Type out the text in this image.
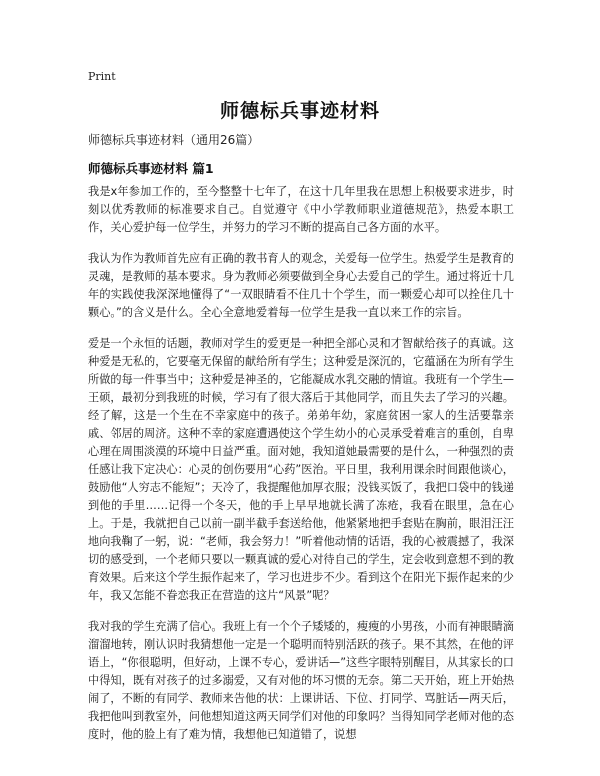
Print
师德标兵事迹材料
师德标兵事迹材料（通用26篇）
师德标兵事迹材料 篇1

我是x年参加工作的，至今整整十七年了，在这十几年里我在思想上积极要求进步，时刻以优秀教师的标准要求自己。自觉遵守《中小学教师职业道德规范》，热爱本职工作，关心爱护每一位学生，并努力的学习不断的提高自己各方面的水平。

我认为作为教师首先应有正确的教书育人的观念，关爱每一位学生。热爱学生是教育的灵魂，是教师的基本要求。身为教师必须要做到全身心去爱自己的学生。通过将近十几年的实践使我深深地懂得了“一双眼睛看不住几十个学生，而一颗爱心却可以拴住几十颗心。”的含义是什么。全心全意地爱着每一位学生是我一直以来工作的宗旨。

爱是一个永恒的话题，教师对学生的爱更是一种把全部心灵和才智献给孩子的真诚。这种爱是无私的，它要毫无保留的献给所有学生；这种爱是深沉的，它蕴涵在为所有学生所做的每一件事当中；这种爱是神圣的，它能凝成水乳交融的情谊。我班有一个学生—王硕，最初分到我班的时候，学习有了很大落后于其他同学，而且失去了学习的兴趣。经了解，这是一个生在不幸家庭中的孩子。弟弟年幼，家庭贫困一家人的生活要靠亲戚、邻居的周济。这种不幸的家庭遭遇使这个学生幼小的心灵承受着难言的重创，自卑心理在周围淡漠的环境中日益严重。面对她，我知道她最需要的是什么，一种强烈的责任感让我下定决心：心灵的创伤要用“心药”医治。平日里，我利用课余时间跟他谈心，鼓励他“人穷志不能短”；天冷了，我提醒他加厚衣服；没钱买饭了，我把口袋中的钱递到他的手里……记得一个冬天，他的手上早早地就长满了冻疮，我看在眼里，急在心上。于是，我就把自己以前一副半截手套送给他，他紧紧地把手套贴在胸前，眼泪汪汪地向我鞠了一躬，说：“老师，我会努力！”听着他动情的话语，我的心被震撼了，我深切的感受到，一个老师只要以一颗真诚的爱心对待自己的学生，定会收到意想不到的教育效果。后来这个学生振作起来了，学习也进步不少。看到这个在阳光下振作起来的少年，我又怎能不眷恋我正在营造的这片“风景”呢？

我对我的学生充满了信心。我班上有一个个子矮矮的，瘦瘦的小男孩，小而有神眼睛滴溜溜地转，刚认识时我猜想他一定是一个聪明而特别活跃的孩子。果不其然，在他的评语上，“你很聪明，但好动，上课不专心，爱讲话—”这些字眼特别醒目，从其家长的口中得知，既有对孩子的过多溺爱，又有对他的坏习惯的无奈。第二天开始，班上开始热闹了，不断的有同学、教师来告他的状：上课讲话、下位、打同学、骂脏话—两天后，我把他叫到教室外，问他想知道这两天同学们对他的印象吗？当得知同学老师对他的态度时，他的脸上有了难为情，我想他已知道错了，说想
